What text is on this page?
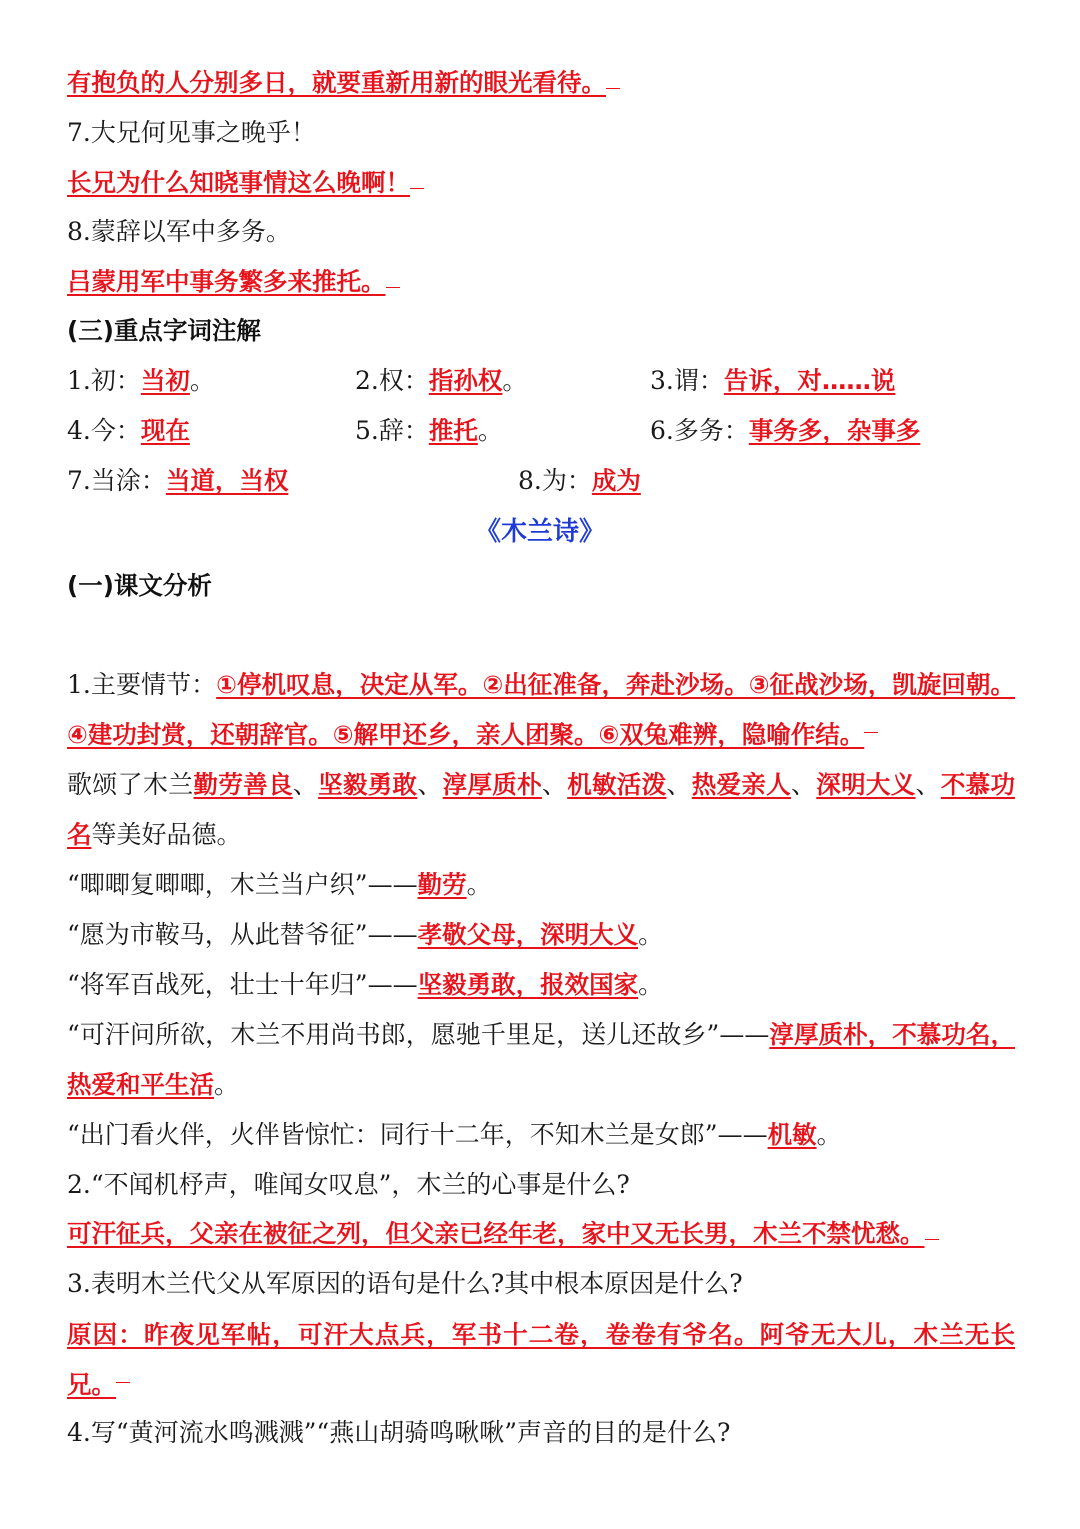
有抱负的人分别多日，就要重新用新的眼光看待。
7.大兄何见事之晚乎！
长兄为什么知晓事情这么晚啊！
8.蒙辞以军中多务。
吕蒙用军中事务繁多来推托。
(三)重点字词注解
1.初：当初。	2.权：指孙权。	3.谓：告诉，对……说
4.今：现在	5.辞：推托。	6.多务：事务多，杂事多
7.当涂：当道，当权	8.为：成为
《木兰诗》
(一)课文分析
1.主要情节：①停机叹息，决定从军。②出征准备，奔赴沙场。③征战沙场，凯旋回朝。④建功封赏，还朝辞官。⑤解甲还乡，亲人团聚。⑥双兔难辨，隐喻作结。
歌颂了木兰勤劳善良、坚毅勇敢、淳厚质朴、机敏活泼、热爱亲人、深明大义、不慕功名等美好品德。
“唧唧复唧唧，木兰当户织”——勤劳。
“愿为市鞍马，从此替爷征”——孝敬父母，深明大义。
“将军百战死，壮士十年归”——坚毅勇敢，报效国家。
“可汗问所欲，木兰不用尚书郎，愿驰千里足，送儿还故乡”——淳厚质朴，不慕功名，热爱和平生活。
“出门看火伴，火伴皆惊忙：同行十二年，不知木兰是女郎”——机敏。
2.“不闻机杼声，唯闻女叹息”，木兰的心事是什么?
可汗征兵，父亲在被征之列，但父亲已经年老，家中又无长男，木兰不禁忧愁。
3.表明木兰代父从军原因的语句是什么?其中根本原因是什么?
原因：昨夜见军帖，可汗大点兵，军书十二卷，卷卷有爷名。阿爷无大儿，木兰无长兄。
4.写“黄河流水鸣溅溅”“燕山胡骑鸣啾啾”声音的目的是什么?
